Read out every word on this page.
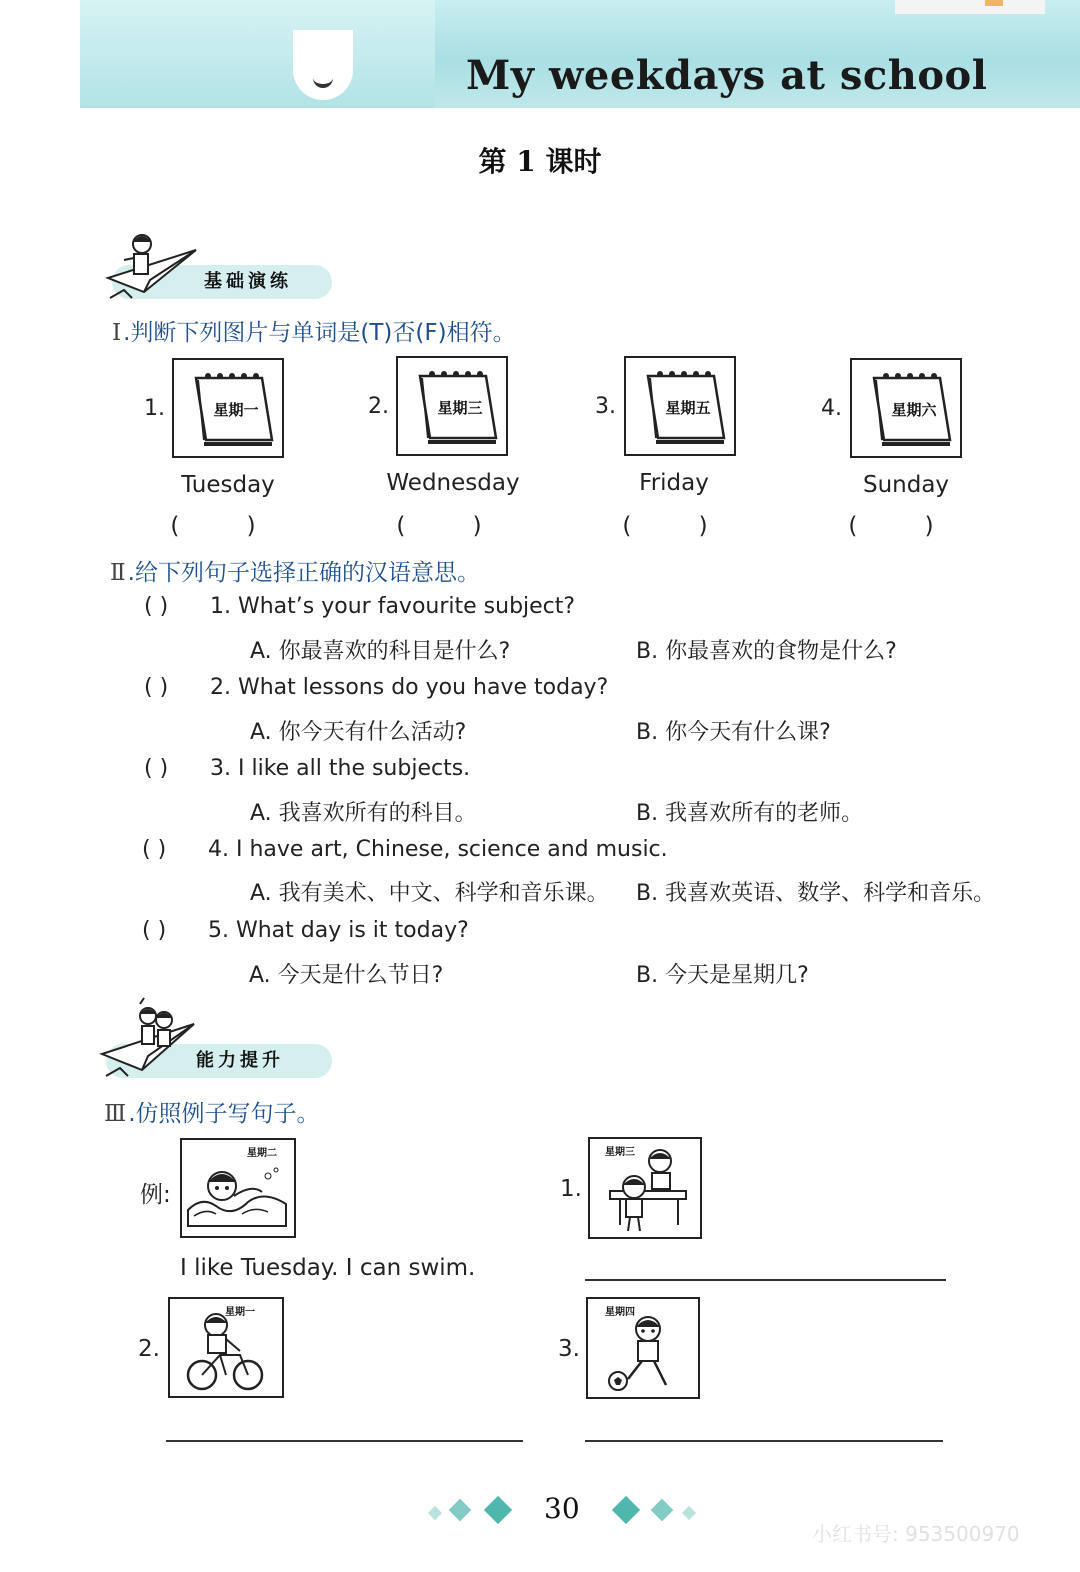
My weekdays at school
第 1 课时
基础演练
Ⅰ.判断下列图片与单词是(T)否(F)相符。
1.	星期一
Tuesday
( )
2.	星期三
Wednesday
( )
3.	星期五
Friday
( )
4.	星期六
Sunday
( )
Ⅱ.给下列句子选择正确的汉语意思。
( ) 1. What’s your favourite subject?
A. 你最喜欢的科目是什么?	B. 你最喜欢的食物是什么?
( ) 2. What lessons do you have today?
A. 你今天有什么活动?	B. 你今天有什么课?
( ) 3. I like all the subjects.
A. 我喜欢所有的科目。	B. 我喜欢所有的老师。
( ) 4. I have art, Chinese, science and music.
A. 我有美术、中文、科学和音乐课。 B. 我喜欢英语、数学、科学和音乐。
( ) 5. What day is it today?
A. 今天是什么节日?	B. 今天是星期几?
能力提升
Ⅲ.仿照例子写句子。
例:
星期二
I like Tuesday. I can swim.
1.
星期三
2.
星期一
3.
星期四
30
小红书号: 953500970
